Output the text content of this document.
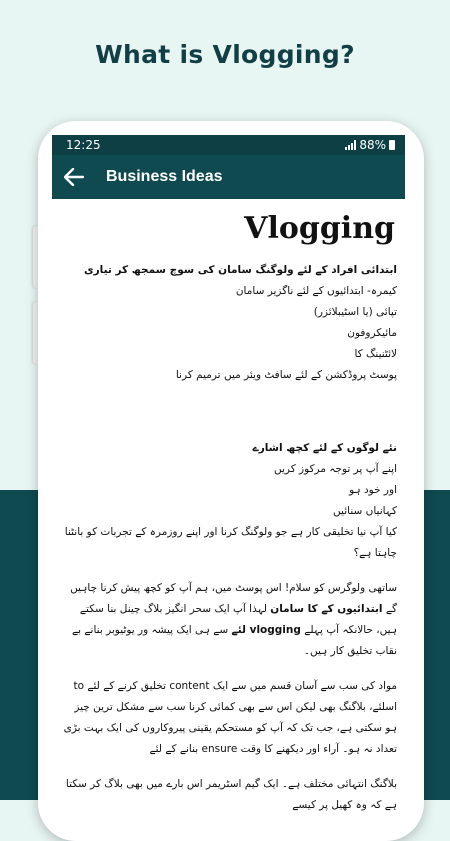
What is Vlogging?
12:25	88%
Business Ideas
Vlogging
ابتدائی افراد کے لئے ولوگنگ سامان کی سوچ سمجھ کر تیاری
کیمرہ- ابتدائیوں کے لئے ناگزیر سامان
تپائی (یا اسٹیبلائزر)
مائیکروفون
لائٹنینگ کا
پوسٹ پروڈکشن کے لئے سافٹ ویئر میں ترمیم کرنا
نئے لوگوں کے لئے کچھ اشارے
اپنے آپ پر توجہ مرکوز کریں
اور خود ہو
کہانیاں سنائیں
کیا آپ نیا تخلیقی کار ہے جو ولوگنگ کرنا اور اپنے روزمرہ کے تجربات کو بانٹنا
چاہتا ہے؟

ساتھی ولوگرس کو سلام! اس پوسٹ میں، ہم آپ کو کچھ پیش کرنا چاہیں گے ابتدائیوں کے کا سامان لہذا آپ ایک سحر انگیز بلاگ چینل بنا سکتے ہیں، حالانکہ آپ پہلے vlogging لئے سے ہی ایک پیشہ ور یوٹیوبر بنانے بے نقاب تخلیق کار ہیں۔

مواد کی سب سے آسان قسم میں سے ایک content تخلیق کرنے کے لئے to اسلئے، بلاگنگ بھی لیکن اس سے بھی کمائی کرنا سب سے مشکل ترین چیز ہو سکتی ہے، جب تک کہ آپ کو مستحکم یقینی پیروکاروں کی ایک بہت بڑی تعداد نہ ہو۔ آراء اور دیکھنے کا وقت ensure بنانے کے لئے

بلاگنگ انتہائی مختلف ہے۔ ایک گیم اسٹریمر اس بارے میں بھی بلاگ کر سکتا ہے کہ وہ کھیل پر کیسے
